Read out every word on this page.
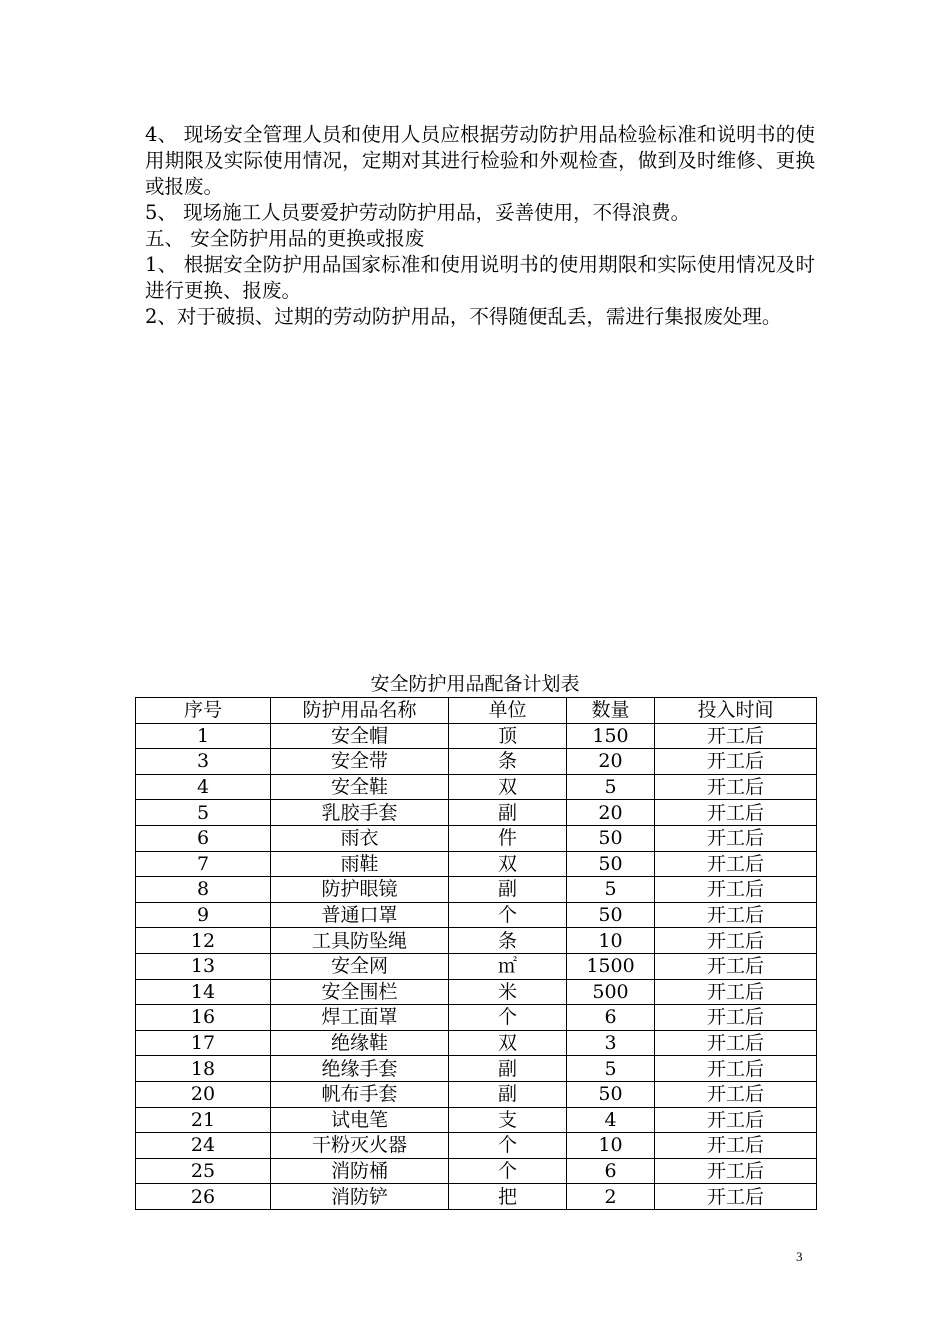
4、 现场安全管理人员和使用人员应根据劳动防护用品检验标准和说明书的使用期限及实际使用情况，定期对其进行检验和外观检查，做到及时维修、更换或报废。

5、 现场施工人员要爱护劳动防护用品，妥善使用，不得浪费。

五、 安全防护用品的更换或报废

1、 根据安全防护用品国家标准和使用说明书的使用期限和实际使用情况及时进行更换、报废。

2、对于破损、过期的劳动防护用品，不得随便乱丢，需进行集报废处理。

安全防护用品配备计划表
序号	防护用品名称	单位	数量	投入时间
1	安全帽	顶	150	开工后
3	安全带	条	20	开工后
4	安全鞋	双	5	开工后
5	乳胶手套	副	20	开工后
6	雨衣	件	50	开工后
7	雨鞋	双	50	开工后
8	防护眼镜	副	5	开工后
9	普通口罩	个	50	开工后
12	工具防坠绳	条	10	开工后
13	安全网	㎡	1500	开工后
14	安全围栏	米	500	开工后
16	焊工面罩	个	6	开工后
17	绝缘鞋	双	3	开工后
18	绝缘手套	副	5	开工后
20	帆布手套	副	50	开工后
21	试电笔	支	4	开工后
24	干粉灭火器	个	10	开工后
25	消防桶	个	6	开工后
26	消防铲	把	2	开工后
3
